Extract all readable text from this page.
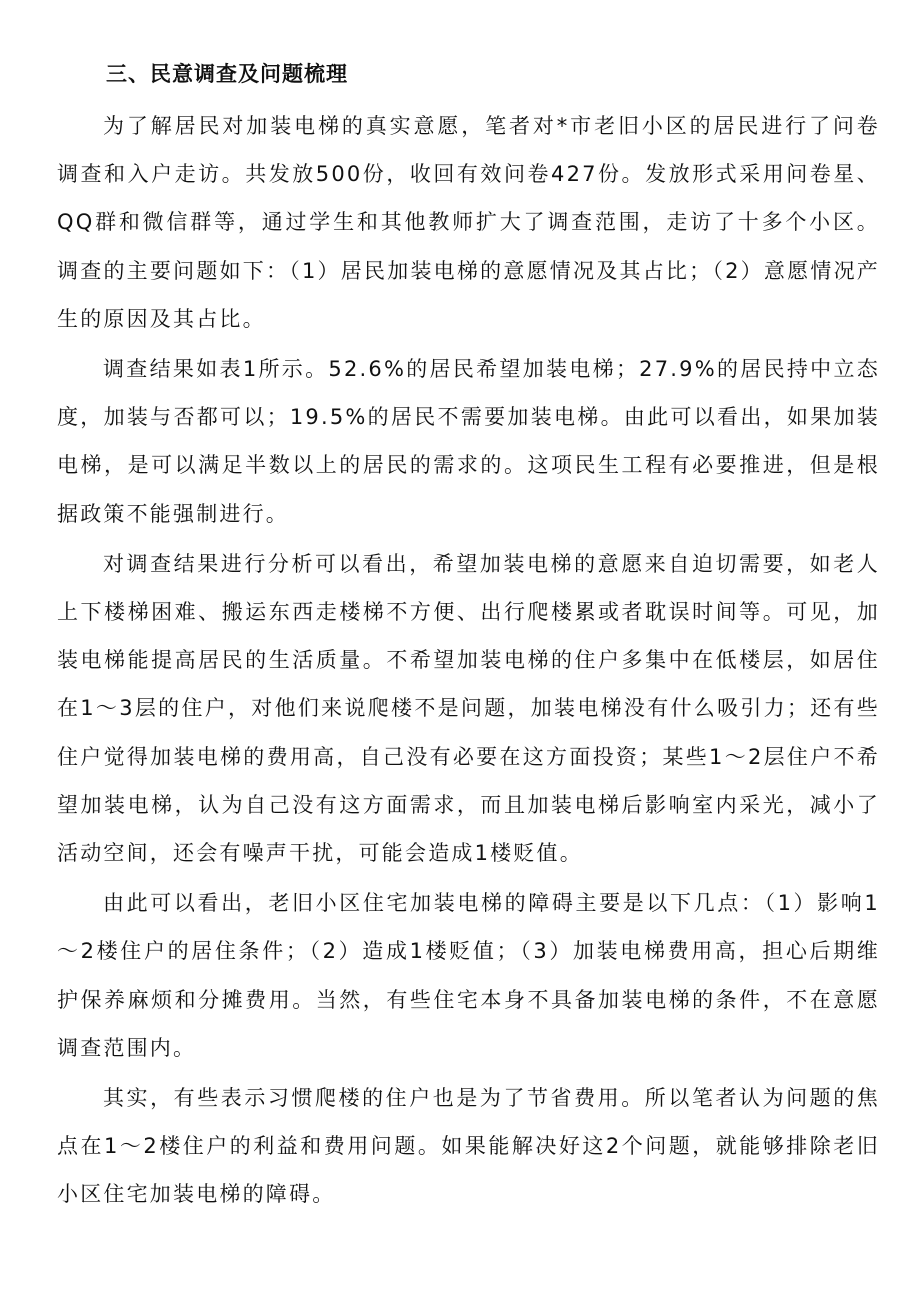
三、民意调查及问题梳理

为了解居民对加装电梯的真实意愿，笔者对*市老旧小区的居民进行了问卷调查和入户走访。共发放500份，收回有效问卷427份。发放形式采用问卷星、QQ群和微信群等，通过学生和其他教师扩大了调查范围，走访了十多个小区。调查的主要问题如下：（1）居民加装电梯的意愿情况及其占比；（2）意愿情况产生的原因及其占比。

调查结果如表1所示。52.6%的居民希望加装电梯；27.9%的居民持中立态度，加装与否都可以；19.5%的居民不需要加装电梯。由此可以看出，如果加装电梯，是可以满足半数以上的居民的需求的。这项民生工程有必要推进，但是根据政策不能强制进行。

对调查结果进行分析可以看出，希望加装电梯的意愿来自迫切需要，如老人上下楼梯困难、搬运东西走楼梯不方便、出行爬楼累或者耽误时间等。可见，加装电梯能提高居民的生活质量。不希望加装电梯的住户多集中在低楼层，如居住在1～3层的住户，对他们来说爬楼不是问题，加装电梯没有什么吸引力；还有些住户觉得加装电梯的费用高，自己没有必要在这方面投资；某些1～2层住户不希望加装电梯，认为自己没有这方面需求，而且加装电梯后影响室内采光，减小了活动空间，还会有噪声干扰，可能会造成1楼贬值。

由此可以看出，老旧小区住宅加装电梯的障碍主要是以下几点：（1）影响1～2楼住户的居住条件；（2）造成1楼贬值；（3）加装电梯费用高，担心后期维护保养麻烦和分摊费用。当然，有些住宅本身不具备加装电梯的条件，不在意愿调查范围内。

其实，有些表示习惯爬楼的住户也是为了节省费用。所以笔者认为问题的焦点在1～2楼住户的利益和费用问题。如果能解决好这2个问题，就能够排除老旧小区住宅加装电梯的障碍。
